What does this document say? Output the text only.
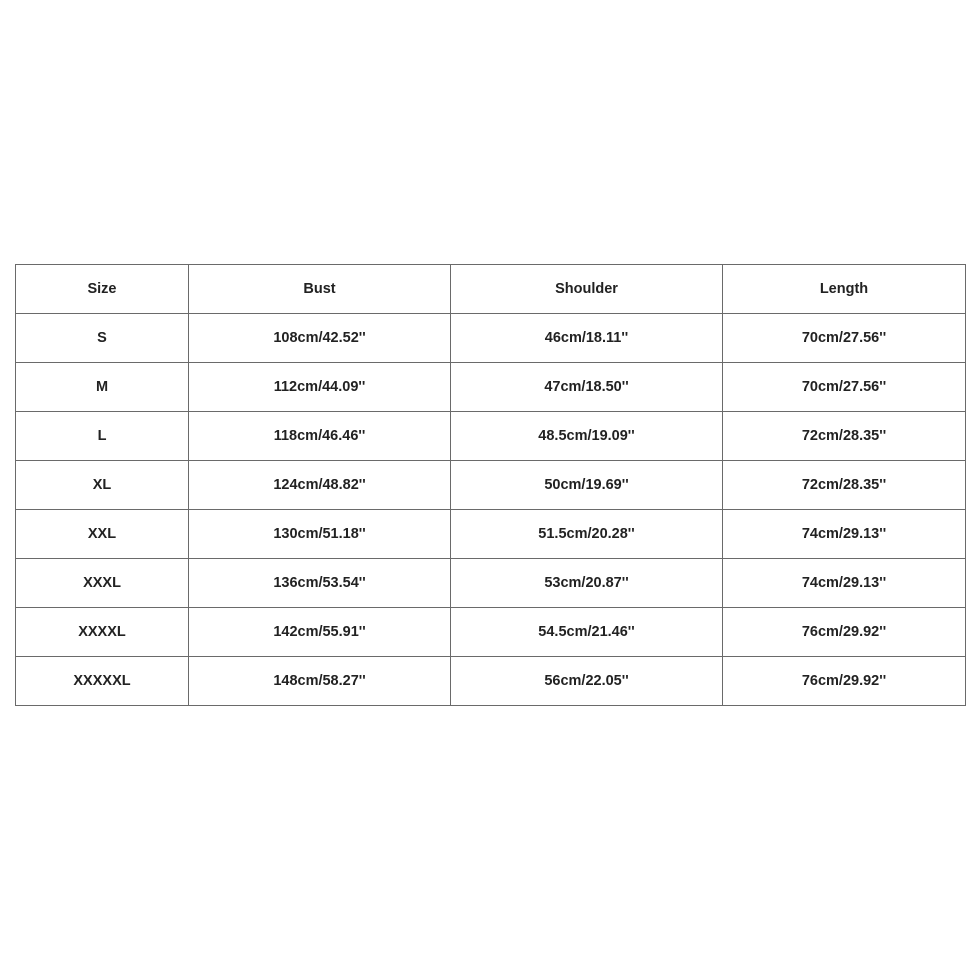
Size	Bust	Shoulder	Length
S	108cm/42.52''	46cm/18.11''	70cm/27.56''
M	112cm/44.09''	47cm/18.50''	70cm/27.56''
L	118cm/46.46''	48.5cm/19.09''	72cm/28.35''
XL	124cm/48.82''	50cm/19.69''	72cm/28.35''
XXL	130cm/51.18''	51.5cm/20.28''	74cm/29.13''
XXXL	136cm/53.54''	53cm/20.87''	74cm/29.13''
XXXXL	142cm/55.91''	54.5cm/21.46''	76cm/29.92''
XXXXXL	148cm/58.27''	56cm/22.05''	76cm/29.92''
